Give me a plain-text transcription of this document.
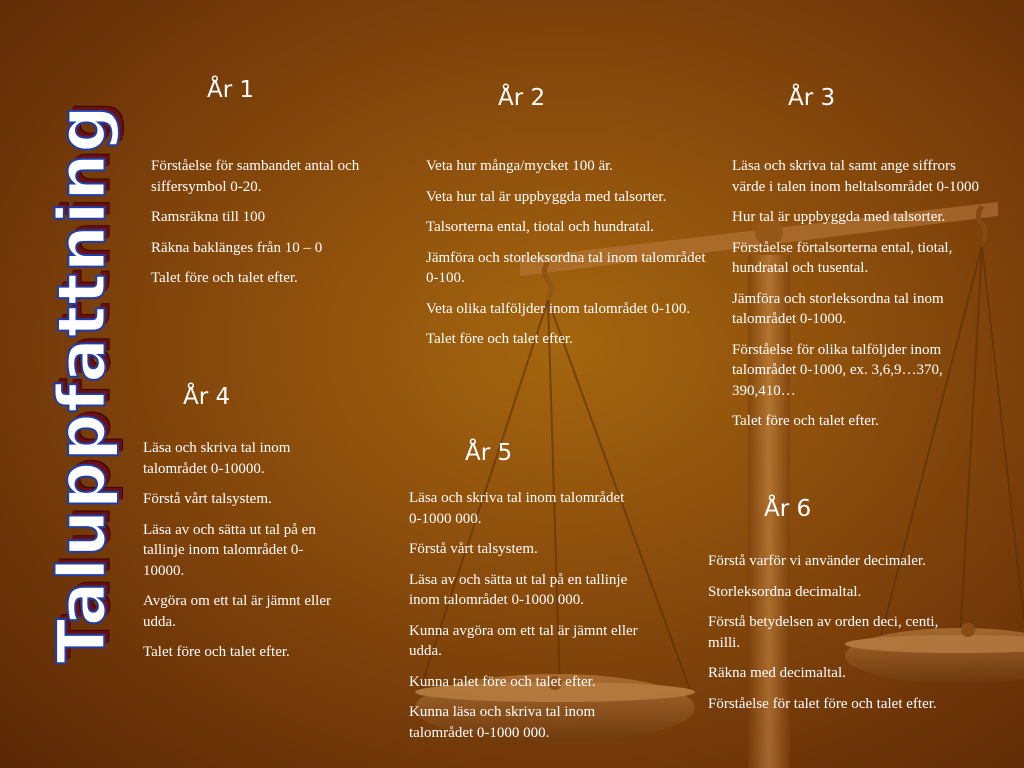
Taluppfattning
År 1

Förståelse för sambandet antal och siffersymbol 0-20.

Ramsräkna till 100

Räkna baklänges från 10 – 0

Talet före och talet efter.

År 2

Veta hur många/mycket 100 är.

Veta hur tal är uppbyggda med talsorter.

Talsorterna ental, tiotal och hundratal.

Jämföra och storleksordna tal inom talområdet 0-100.

Veta olika talföljder inom talområdet 0-100.

Talet före och talet efter.

År 3

Läsa och skriva tal samt ange siffrors värde i talen inom heltalsområdet 0-1000

Hur tal är uppbyggda med talsorter.

Förståelse förtalsorterna ental, tiotal, hundratal och tusental.

Jämföra och storleksordna tal inom talområdet 0-1000.

Förståelse för olika talföljder inom talområdet 0-1000, ex. 3,6,9…370, 390,410…

Talet före och talet efter.

År 4

Läsa och skriva tal inom talområdet 0-10000.

Förstå vårt talsystem.

Läsa av och sätta ut tal på en tallinje inom talområdet 0-10000.

Avgöra om ett tal är jämnt eller udda.

Talet före och talet efter.

År 5

Läsa och skriva tal inom talområdet 0-1000 000.

Förstå vårt talsystem.

Läsa av och sätta ut tal på en tallinje inom talområdet 0-1000 000.

Kunna avgöra om ett tal är jämnt eller udda.

Kunna talet före och talet efter.

Kunna läsa och skriva tal inom talområdet 0-1000 000.

År 6

Förstå varför vi använder decimaler.

Storleksordna decimaltal.

Förstå betydelsen av orden deci, centi, milli.

Räkna med decimaltal.

Förståelse för talet före och talet efter.
